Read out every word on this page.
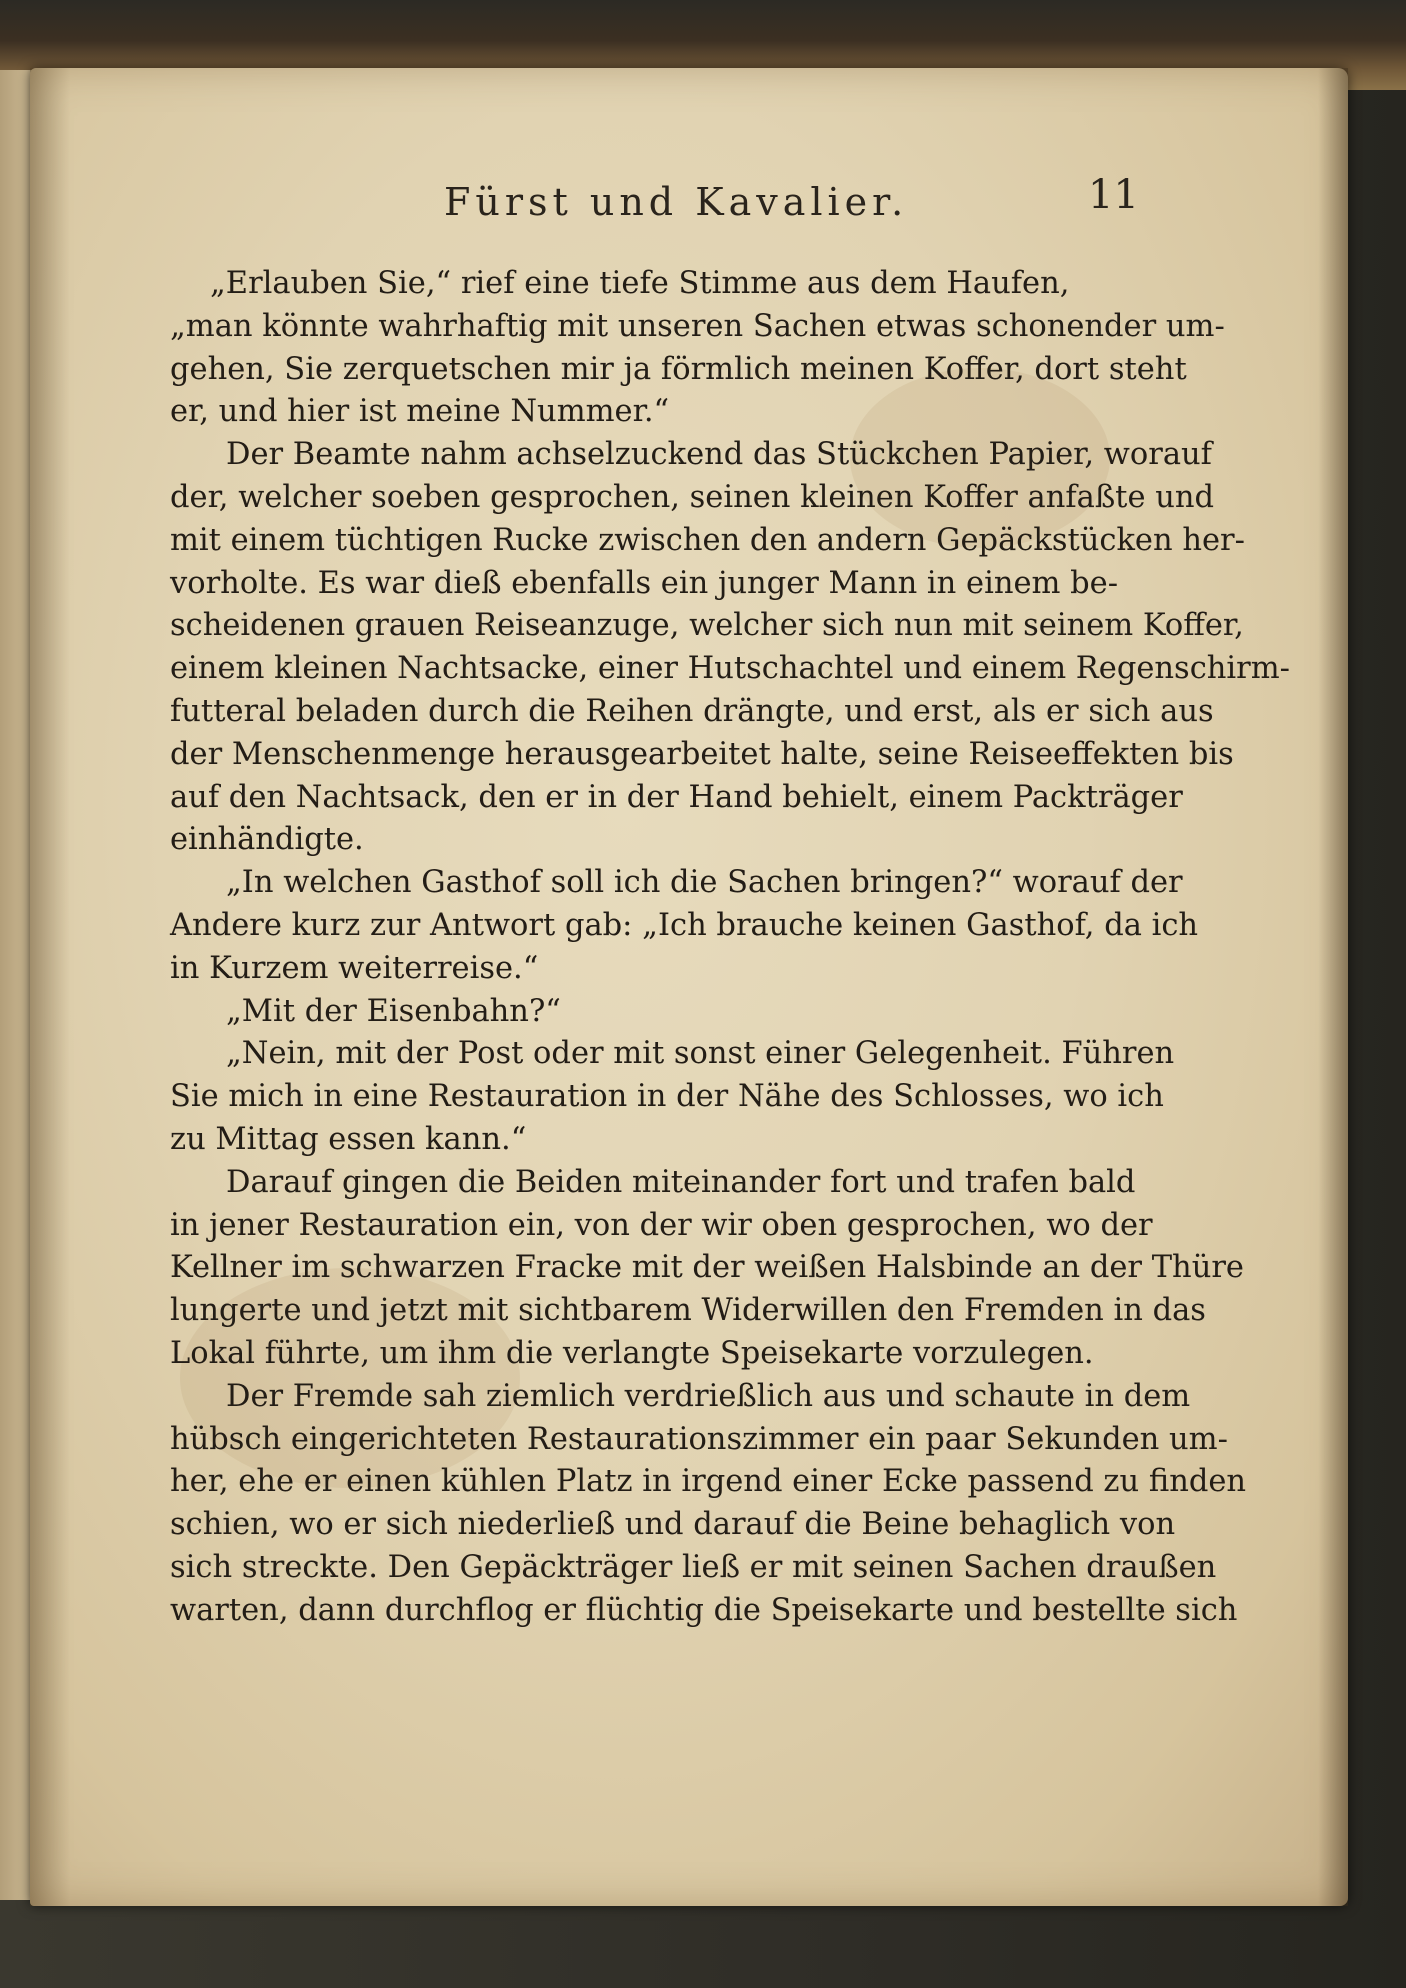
Fürst und Kavalier.	11
„Erlauben Sie,“ rief eine tiefe Stimme aus dem Haufen,
„man könnte wahrhaftig mit unseren Sachen etwas schonender um-
gehen, Sie zerquetschen mir ja förmlich meinen Koffer, dort steht
er, und hier ist meine Nummer.“
Der Beamte nahm achselzuckend das Stückchen Papier, worauf
der, welcher soeben gesprochen, seinen kleinen Koffer anfaßte und
mit einem tüchtigen Rucke zwischen den andern Gepäckstücken her-
vorholte. Es war dieß ebenfalls ein junger Mann in einem be-
scheidenen grauen Reiseanzuge, welcher sich nun mit seinem Koffer,
einem kleinen Nachtsacke, einer Hutschachtel und einem Regenschirm-
futteral beladen durch die Reihen drängte, und erst, als er sich aus
der Menschenmenge herausgearbeitet halte, seine Reiseeffekten bis
auf den Nachtsack, den er in der Hand behielt, einem Packträger
einhändigte.
„In welchen Gasthof soll ich die Sachen bringen?“ worauf der
Andere kurz zur Antwort gab: „Ich brauche keinen Gasthof, da ich
in Kurzem weiterreise.“
„Mit der Eisenbahn?“
„Nein, mit der Post oder mit sonst einer Gelegenheit. Führen
Sie mich in eine Restauration in der Nähe des Schlosses, wo ich
zu Mittag essen kann.“
Darauf gingen die Beiden miteinander fort und trafen bald
in jener Restauration ein, von der wir oben gesprochen, wo der
Kellner im schwarzen Fracke mit der weißen Halsbinde an der Thüre
lungerte und jetzt mit sichtbarem Widerwillen den Fremden in das
Lokal führte, um ihm die verlangte Speisekarte vorzulegen.
Der Fremde sah ziemlich verdrießlich aus und schaute in dem
hübsch eingerichteten Restaurationszimmer ein paar Sekunden um-
her, ehe er einen kühlen Platz in irgend einer Ecke passend zu finden
schien, wo er sich niederließ und darauf die Beine behaglich von
sich streckte. Den Gepäckträger ließ er mit seinen Sachen draußen
warten, dann durchflog er flüchtig die Speisekarte und bestellte sich
